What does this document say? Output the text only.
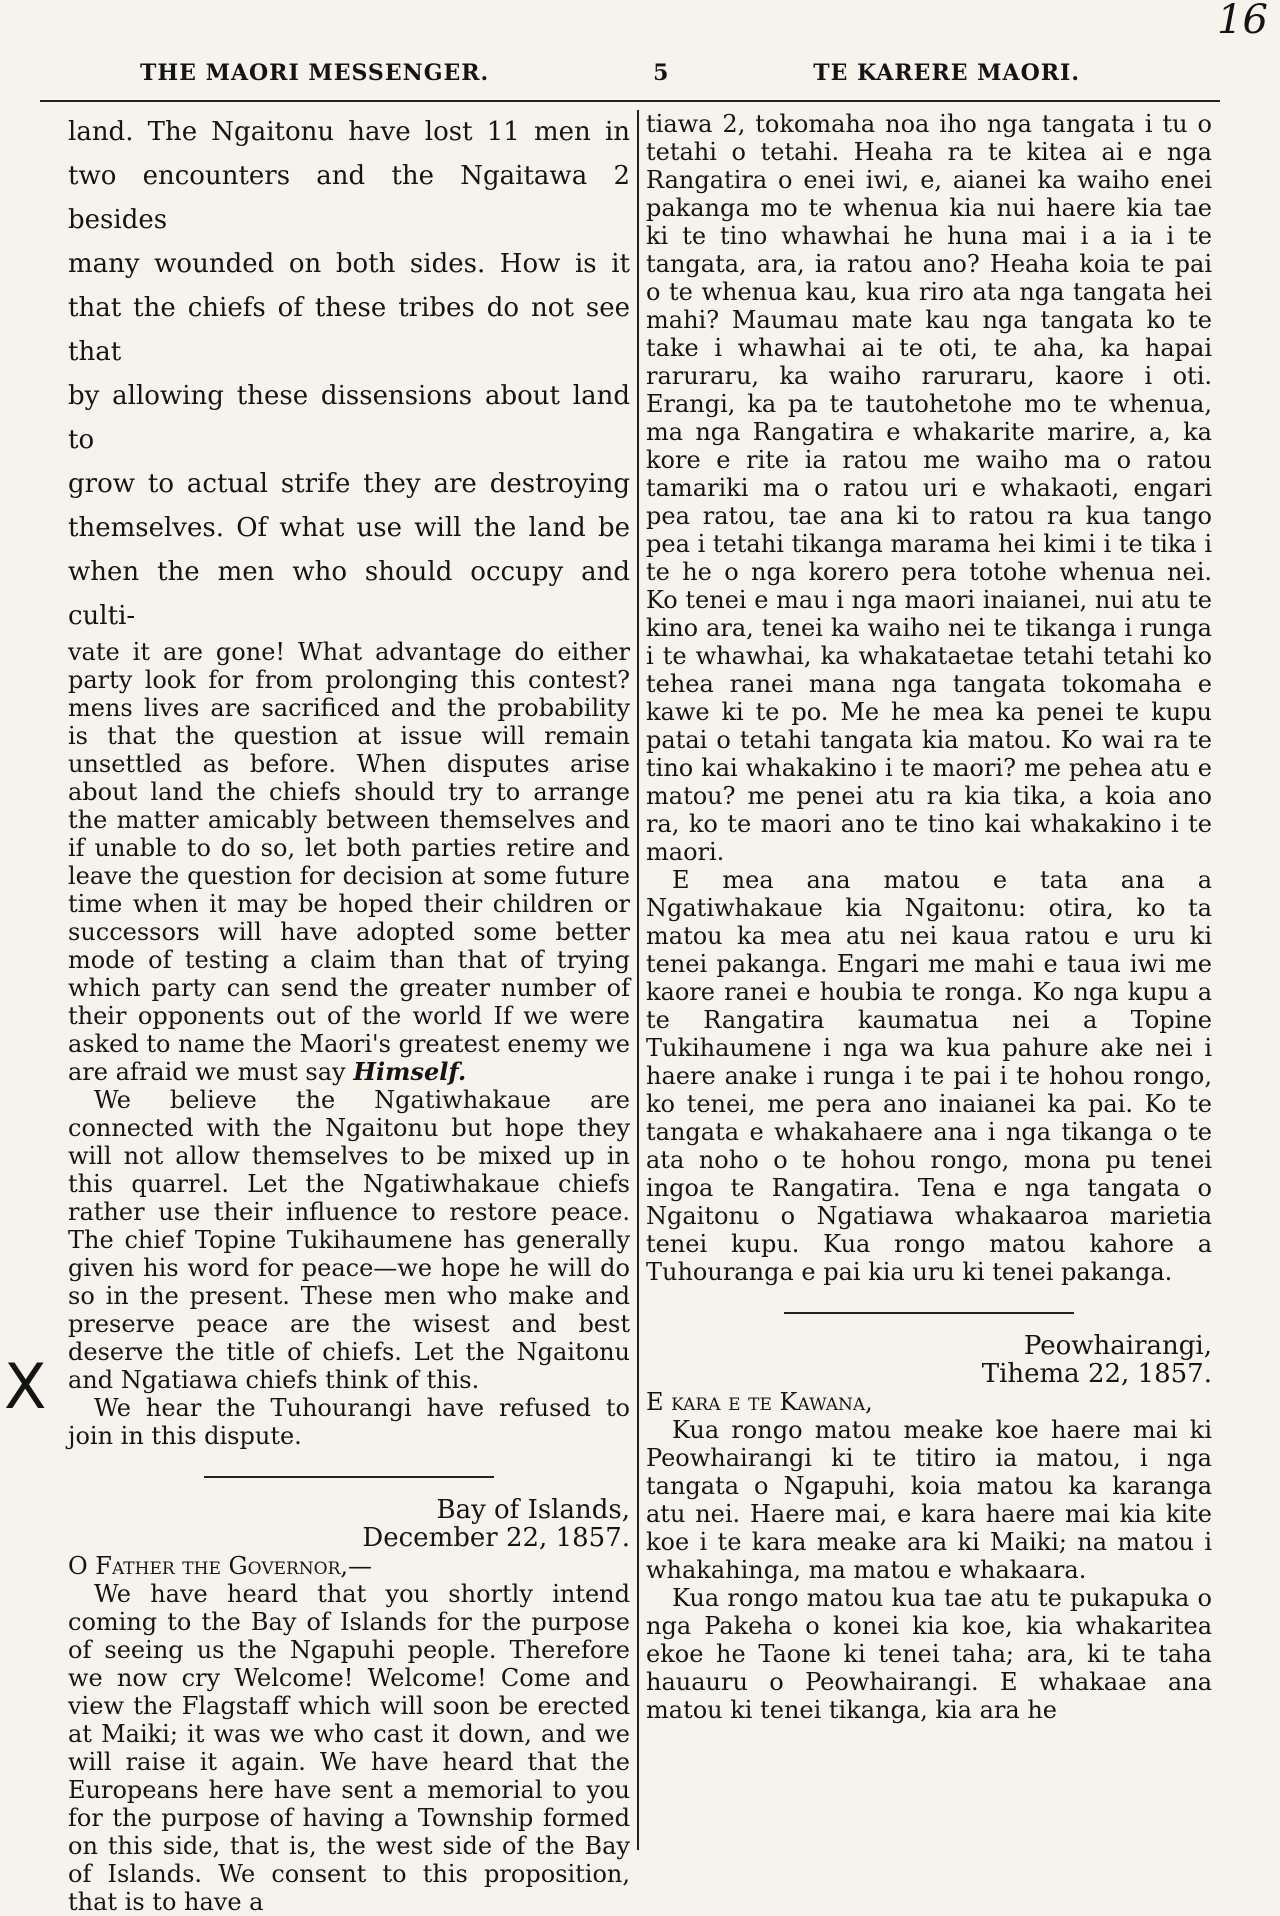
16
THE MAORI MESSENGER.	5	TE KARERE MAORI.
X

land. The Ngaitonu have lost 11 men in

two encounters and the Ngaitawa 2 besides

many wounded on both sides. How is it

that the chiefs of these tribes do not see that

by allowing these dissensions about land to

grow to actual strife they are destroying

themselves. Of what use will the land be

when the men who should occupy and culti-

vate it are gone! What advantage do either party look for from prolonging this contest? mens lives are sacrificed and the probability is that the question at issue will remain unsettled as before. When disputes arise about land the chiefs should try to arrange the matter amicably between themselves and if unable to do so, let both parties retire and leave the question for decision at some future time when it may be hoped their children or successors will have adopted some better mode of testing a claim than that of trying which party can send the greater number of their opponents out of the world If we were asked to name the Maori's greatest enemy we are afraid we must say Himself.

We believe the Ngatiwhakaue are connected with the Ngaitonu but hope they will not allow themselves to be mixed up in this quarrel. Let the Ngatiwhakaue chiefs rather use their influence to restore peace. The chief Topine Tukihaumene has generally given his word for peace—we hope he will do so in the present. These men who make and preserve peace are the wisest and best deserve the title of chiefs. Let the Ngaitonu and Ngatiawa chiefs think of this.

We hear the Tuhourangi have refused to join in this dispute.

Bay of Islands,

December 22, 1857.

O Father the Governor,—

We have heard that you shortly intend coming to the Bay of Islands for the purpose of seeing us the Ngapuhi people. Therefore we now cry Welcome! Welcome! Come and view the Flagstaff which will soon be erected at Maiki; it was we who cast it down, and we will raise it again. We have heard that the Europeans here have sent a memorial to you for the purpose of having a Township formed on this side, that is, the west side of the Bay of Islands. We consent to this proposition, that is to have a

tiawa 2, tokomaha noa iho nga tangata i tu o tetahi o tetahi. Heaha ra te kitea ai e nga Rangatira o enei iwi, e, aianei ka waiho enei pakanga mo te whenua kia nui haere kia tae ki te tino whawhai he huna mai i a ia i te tangata, ara, ia ratou ano? Heaha koia te pai o te whenua kau, kua riro ata nga tangata hei mahi? Maumau mate kau nga tangata ko te take i whawhai ai te oti, te aha, ka hapai raruraru, ka waiho raruraru, kaore i oti. Erangi, ka pa te tautohetohe mo te whenua, ma nga Rangatira e whakarite marire, a, ka kore e rite ia ratou me waiho ma o ratou tamariki ma o ratou uri e whakaoti, engari pea ratou, tae ana ki to ratou ra kua tango pea i tetahi tikanga marama hei kimi i te tika i te he o nga korero pera totohe whenua nei. Ko tenei e mau i nga maori inaianei, nui atu te kino ara, tenei ka waiho nei te tikanga i runga i te whawhai, ka whakataetae tetahi tetahi ko tehea ranei mana nga tangata tokomaha e kawe ki te po. Me he mea ka penei te kupu patai o tetahi tangata kia matou. Ko wai ra te tino kai whakakino i te maori? me pehea atu e matou? me penei atu ra kia tika, a koia ano ra, ko te maori ano te tino kai whakakino i te maori.

E mea ana matou e tata ana a Ngatiwhakaue kia Ngaitonu: otira, ko ta matou ka mea atu nei kaua ratou e uru ki tenei pakanga. Engari me mahi e taua iwi me kaore ranei e houbia te ronga. Ko nga kupu a te Rangatira kaumatua nei a Topine Tukihaumene i nga wa kua pahure ake nei i haere anake i runga i te pai i te hohou rongo, ko tenei, me pera ano inaianei ka pai. Ko te tangata e whakahaere ana i nga tikanga o te ata noho o te hohou rongo, mona pu tenei ingoa te Rangatira. Tena e nga tangata o Ngaitonu o Ngatiawa whakaaroa marietia tenei kupu. Kua rongo matou kahore a Tuhouranga e pai kia uru ki tenei pakanga.

Peowhairangi,

Tihema 22, 1857.

E kara e te Kawana,

Kua rongo matou meake koe haere mai ki Peowhairangi ki te titiro ia matou, i nga tangata o Ngapuhi, koia matou ka karanga atu nei. Haere mai, e kara haere mai kia kite koe i te kara meake ara ki Maiki; na matou i whakahinga, ma matou e whakaara.

Kua rongo matou kua tae atu te pukapuka o nga Pakeha o konei kia koe, kia whakaritea ekoe he Taone ki tenei taha; ara, ki te taha hauauru o Peowhairangi. E whakaae ana matou ki tenei tikanga, kia ara he
